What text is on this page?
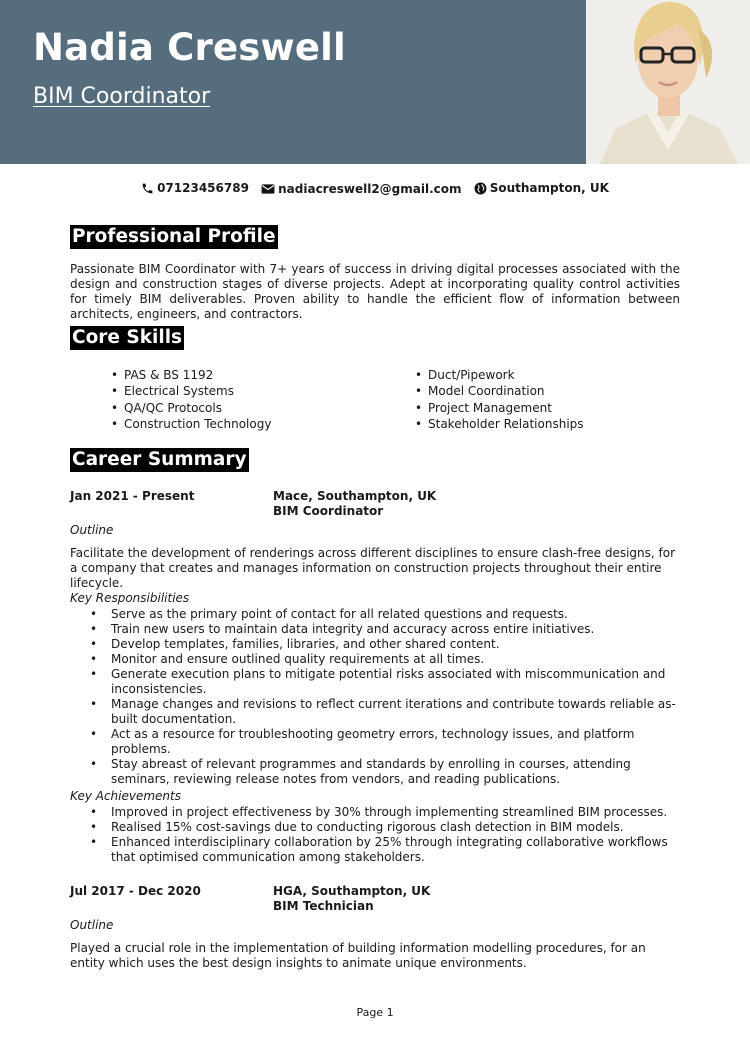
Nadia Creswell
BIM Coordinator
07123456789
nadiacreswell2@gmail.com
Southampton, UK
Professional Profile

Passionate BIM Coordinator with 7+ years of success in driving digital processes associated with the design and construction stages of diverse projects. Adept at incorporating quality control activities for timely BIM deliverables. Proven ability to handle the efficient flow of information between architects, engineers, and contractors.

Core Skills
• PAS & BS 1192
• Electrical Systems
• QA/QC Protocols
• Construction Technology
• Duct/Pipework
• Model Coordination
• Project Management
• Stakeholder Relationships
Career Summary
Jan 2021 - Present	Mace, Southampton, UK
BIM Coordinator
Outline

Facilitate the development of renderings across different disciplines to ensure clash-free designs, for a company that creates and manages information on construction projects throughout their entire lifecycle.

Key Responsibilities
• Serve as the primary point of contact for all related questions and requests.
• Train new users to maintain data integrity and accuracy across entire initiatives.
• Develop templates, families, libraries, and other shared content.
• Monitor and ensure outlined quality requirements at all times.
• Generate execution plans to mitigate potential risks associated with miscommunication and inconsistencies.
• Manage changes and revisions to reflect current iterations and contribute towards reliable as-built documentation.
• Act as a resource for troubleshooting geometry errors, technology issues, and platform problems.
• Stay abreast of relevant programmes and standards by enrolling in courses, attending seminars, reviewing release notes from vendors, and reading publications.
Key Achievements
• Improved in project effectiveness by 30% through implementing streamlined BIM processes.
• Realised 15% cost-savings due to conducting rigorous clash detection in BIM models.
• Enhanced interdisciplinary collaboration by 25% through integrating collaborative workflows that optimised communication among stakeholders.
Jul 2017 - Dec 2020	HGA, Southampton, UK
BIM Technician
Outline

Played a crucial role in the implementation of building information modelling procedures, for an entity which uses the best design insights to animate unique environments.

Page 1
